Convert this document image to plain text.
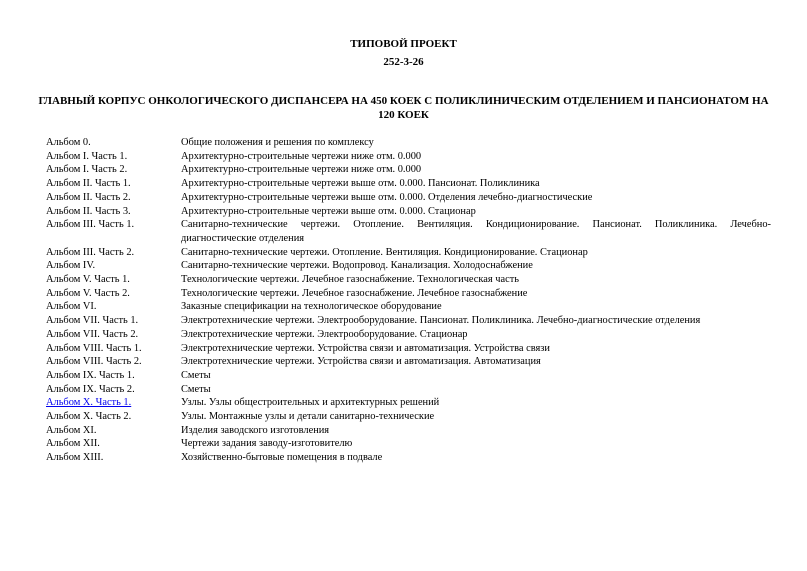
ТИПОВОЙ ПРОЕКТ
252-3-26
ГЛАВНЫЙ КОРПУС ОНКОЛОГИЧЕСКОГО ДИСПАНСЕРА НА 450 КОЕК С ПОЛИКЛИНИЧЕСКИМ ОТДЕЛЕНИЕМ И ПАНСИОНАТОМ НА 120 КОЕК
Альбом 0.	Общие положения и решения по комплексу
Альбом I. Часть 1.	Архитектурно-строительные чертежи ниже отм. 0.000
Альбом I. Часть 2.	Архитектурно-строительные чертежи ниже отм. 0.000
Альбом II. Часть 1.	Архитектурно-строительные чертежи выше отм. 0.000. Пансионат. Поликлиника
Альбом II. Часть 2.	Архитектурно-строительные чертежи выше отм. 0.000. Отделения лечебно-диагностические
Альбом II. Часть 3.	Архитектурно-строительные чертежи выше отм. 0.000. Стационар
Альбом III. Часть 1.	Санитарно-технические чертежи. Отопление. Вентиляция. Кондиционирование. Пансионат. Поликлиника. Лечебно-диагностические отделения
Альбом III. Часть 2.	Санитарно-технические чертежи. Отопление. Вентиляция. Кондиционирование. Стационар
Альбом IV.	Санитарно-технические чертежи. Водопровод. Канализация. Холодоснабжение
Альбом V. Часть 1.	Технологические чертежи. Лечебное газоснабжение. Технологическая часть
Альбом V. Часть 2.	Технологические чертежи. Лечебное газоснабжение. Лечебное газоснабжение
Альбом VI.	Заказные спецификации на технологическое оборудование
Альбом VII. Часть 1.	Электротехнические чертежи. Электрооборудование. Пансионат. Поликлиника. Лечебно-диагностические отделения
Альбом VII. Часть 2.	Электротехнические чертежи. Электрооборудование. Стационар
Альбом VIII. Часть 1.	Электротехнические чертежи. Устройства связи и автоматизация. Устройства связи
Альбом VIII. Часть 2.	Электротехнические чертежи. Устройства связи и автоматизация. Автоматизация
Альбом IX. Часть 1.	Сметы
Альбом IX. Часть 2.	Сметы
Альбом X. Часть 1.	Узлы. Узлы общестроительных и архитектурных решений
Альбом X. Часть 2.	Узлы. Монтажные узлы и детали санитарно-технические
Альбом XI.	Изделия заводского изготовления
Альбом XII.	Чертежи задания заводу-изготовителю
Альбом XIII.	Хозяйственно-бытовые помещения в подвале
